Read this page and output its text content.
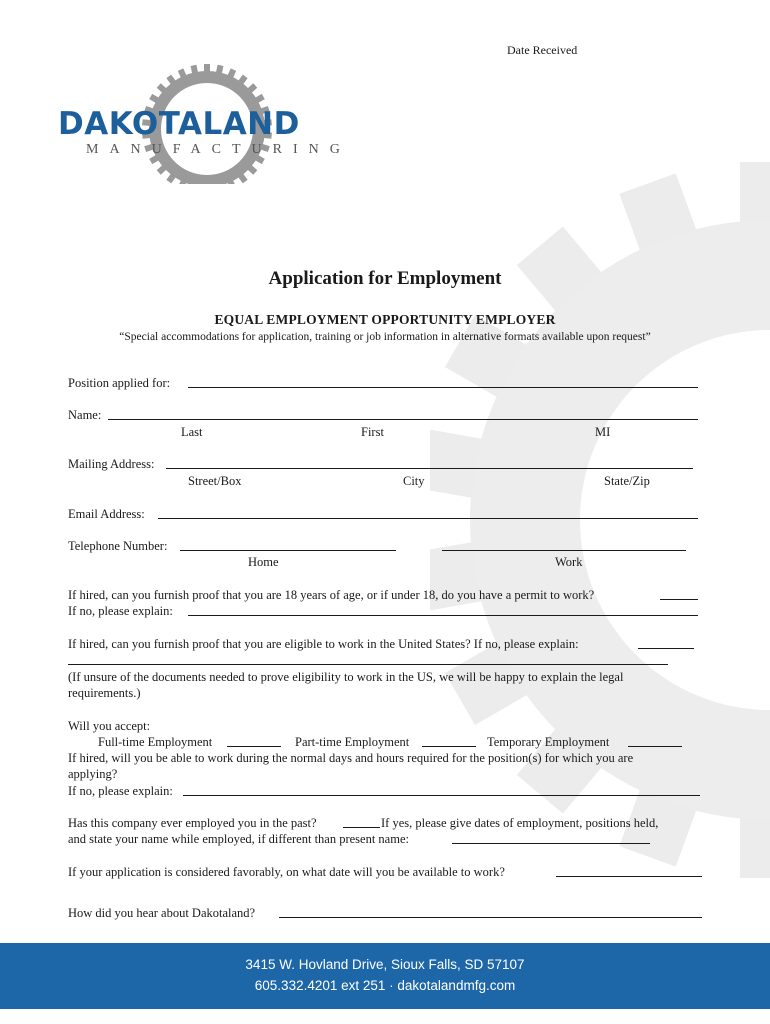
Date Received
DAKOTALAND
MANUFACTURING
Application for Employment
EQUAL EMPLOYMENT OPPORTUNITY EMPLOYER
“Special accommodations for application, training or job information in alternative formats available upon request”
Position applied for:
Name:
Last	First	MI
Mailing Address:
Street/Box	City	State/Zip
Email Address:
Telephone Number:
Home	Work
If hired, can you furnish proof that you are 18 years of age, or if under 18, do you have a permit to work?
If no, please explain:
If hired, can you furnish proof that you are eligible to work in the United States? If no, please explain:
(If unsure of the documents needed to prove eligibility to work in the US, we will be happy to explain the legal
requirements.)
Will you accept:
Full-time Employment	Part-time Employment	Temporary Employment
If hired, will you be able to work during the normal days and hours required for the position(s) for which you are
applying?
If no, please explain:
Has this company ever employed you in the past?	If yes, please give dates of employment, positions held,
and state your name while employed, if different than present name:
If your application is considered favorably, on what date will you be available to work?
How did you hear about Dakotaland?
3415 W. Hovland Drive, Sioux Falls, SD 57107
605.332.4201 ext 251 · dakotalandmfg.com
